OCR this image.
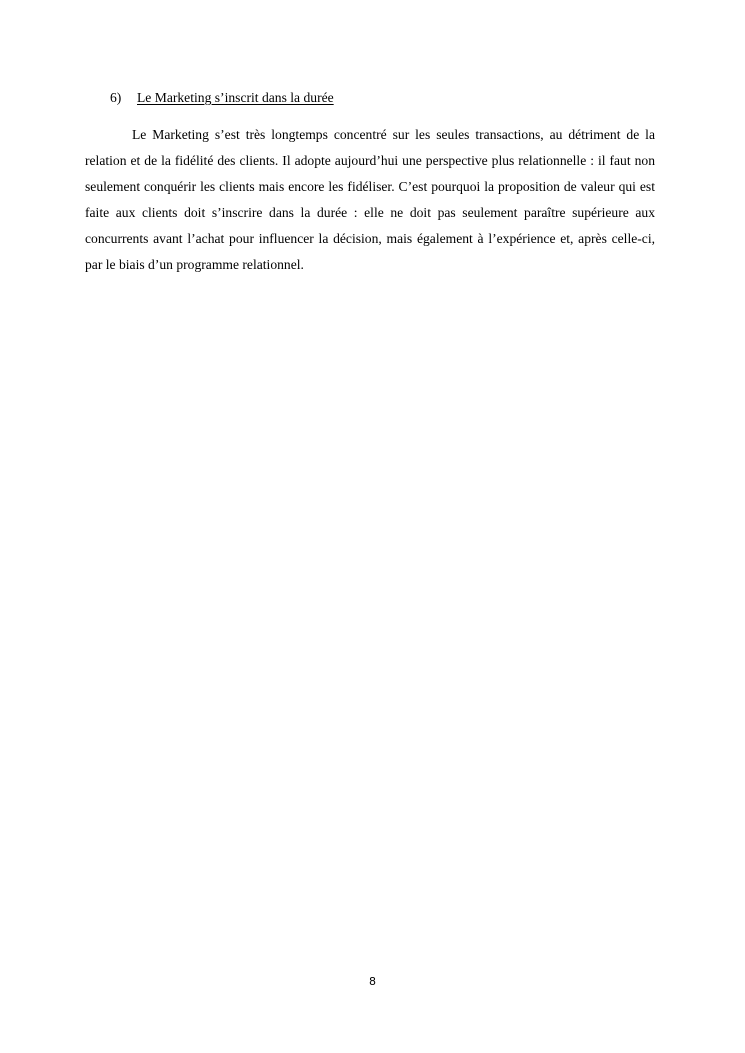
6) Le Marketing s’inscrit dans la durée

Le Marketing s’est très longtemps concentré sur les seules transactions, au détriment de la relation et de la fidélité des clients. Il adopte aujourd’hui une perspective plus relationnelle : il faut non seulement conquérir les clients mais encore les fidéliser. C’est pourquoi la proposition de valeur qui est faite aux clients doit s’inscrire dans la durée : elle ne doit pas seulement paraître supérieure aux concurrents avant l’achat pour influencer la décision, mais également à l’expérience et, après celle-ci, par le biais d’un programme relationnel.

8
